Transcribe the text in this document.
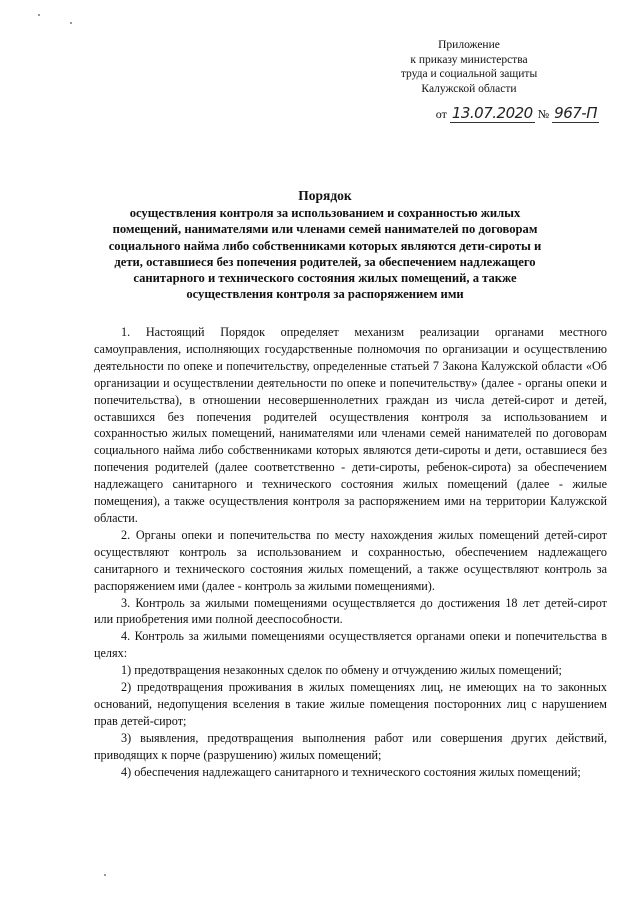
Приложение
к приказу министерства
труда и социальной защиты
Калужской области
от 13.07.2020 № 967-П
Порядок
осуществления контроля за использованием и сохранностью жилых
помещений, нанимателями или членами семей нанимателей по договорам
социального найма либо собственниками которых являются дети-сироты и
дети, оставшиеся без попечения родителей, за обеспечением надлежащего
санитарного и технического состояния жилых помещений, а также
осуществления контроля за распоряжением ими

1. Настоящий Порядок определяет механизм реализации органами местного самоуправления, исполняющих государственные полномочия по организации и осуществлению деятельности по опеке и попечительству, определенные статьей 7 Закона Калужской области «Об организации и осуществлении деятельности по опеке и попечительству» (далее - органы опеки и попечительства), в отношении несовершеннолетних граждан из числа детей-сирот и детей, оставшихся без попечения родителей осуществления контроля за использованием и сохранностью жилых помещений, нанимателями или членами семей нанимателей по договорам социального найма либо собственниками которых являются дети-сироты и дети, оставшиеся без попечения родителей (далее соответственно - дети-сироты, ребенок-сирота) за обеспечением надлежащего санитарного и технического состояния жилых помещений (далее - жилые помещения), а также осуществления контроля за распоряжением ими на территории Калужской области.

2. Органы опеки и попечительства по месту нахождения жилых помещений детей-сирот осуществляют контроль за использованием и сохранностью, обеспечением надлежащего санитарного и технического состояния жилых помещений, а также осуществляют контроль за распоряжением ими (далее - контроль за жилыми помещениями).

3. Контроль за жилыми помещениями осуществляется до достижения 18 лет детей-сирот или приобретения ими полной дееспособности.

4. Контроль за жилыми помещениями осуществляется органами опеки и попечительства в целях:

1) предотвращения незаконных сделок по обмену и отчуждению жилых помещений;

2) предотвращения проживания в жилых помещениях лиц, не имеющих на то законных оснований, недопущения вселения в такие жилые помещения посторонних лиц с нарушением прав детей-сирот;

3) выявления, предотвращения выполнения работ или совершения других действий, приводящих к порче (разрушению) жилых помещений;

4) обеспечения надлежащего санитарного и технического состояния жилых помещений;
